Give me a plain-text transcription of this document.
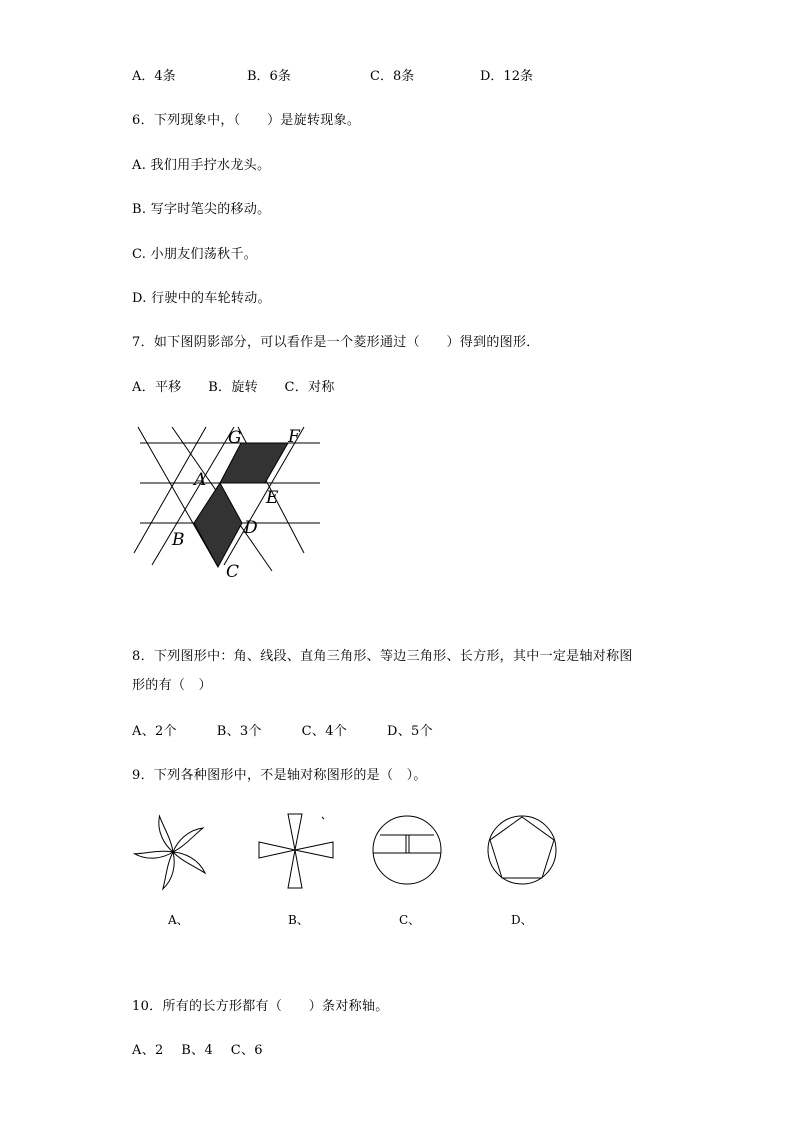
A．4条	B．6条	C．8条	D．12条
6．下列现象中，（　　）是旋转现象。
A. 我们用手拧水龙头。
B. 写字时笔尖的移动。
C. 小朋友们荡秋千。
D. 行驶中的车轮转动。
7．如下图阴影部分，可以看作是一个菱形通过（　　）得到的图形．
A．平移　　B．旋转　　C．对称
G	F
A
E
B
D
C
8．下列图形中：角、线段、直角三角形、等边三角形、长方形，其中一定是轴对称图
形的有（　）
A、2个　　　B、3个　　　C、4个　　　D、5个
9．下列各种图形中，不是轴对称图形的是（　）。
A、	B、	C、	D、
10．所有的长方形都有（　　）条对称轴。
A、2　 B、4　 C、6
